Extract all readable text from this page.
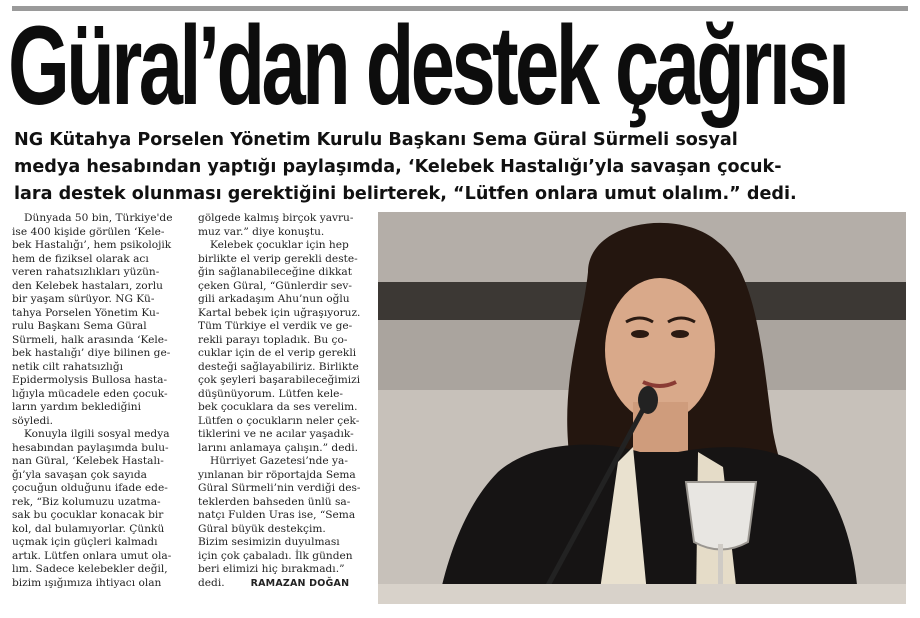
Güral’dan destek çağrısı

NG Kütahya Porselen Yönetim Kurulu Başkanı Sema Güral Sürmeli sosyal
medya hesabından yaptığı paylaşımda, ‘Kelebek Hastalığı’yla savaşan çocuk-
lara destek olunması gerektiğini belirterek, “Lütfen onlara umut olalım.” dedi.

Dünyada 50 bin, Türkiye'de
ise 400 kişide görülen ‘Kele-
bek Hastalığı’, hem psikolojik
hem de fiziksel olarak acı
veren rahatsızlıkları yüzün-
den Kelebek hastaları, zorlu
bir yaşam sürüyor. NG Kü-
tahya Porselen Yönetim Ku-
rulu Başkanı Sema Güral
Sürmeli, halk arasında ‘Kele-
bek hastalığı’ diye bilinen ge-
netik cilt rahatsızlığı
Epidermolysis Bullosa hasta-
lığıyla mücadele eden çocuk-
ların yardım beklediğini
söyledi.

Konuyla ilgili sosyal medya
hesabından paylaşımda bulu-
nan Güral, ‘Kelebek Hastalı-
ğı’yla savaşan çok sayıda
çocuğun olduğunu ifade ede-
rek, “Biz kolumuzu uzatma-
sak bu çocuklar konacak bir
kol, dal bulamıyorlar. Çünkü
uçmak için güçleri kalmadı
artık. Lütfen onlara umut ola-
lım. Sadece kelebekler değil,
bizim ışığımıza ihtiyacı olan

gölgede kalmış birçok yavru-
muz var.” diye konuştu.

Kelebek çocuklar için hep
birlikte el verip gerekli deste-
ğin sağlanabileceğine dikkat
çeken Güral, “Günlerdir sev-
gili arkadaşım Ahu’nun oğlu
Kartal bebek için uğraşıyoruz.
Tüm Türkiye el verdik ve ge-
rekli parayı topladık. Bu ço-
cuklar için de el verip gerekli
desteği sağlayabiliriz. Birlikte
çok şeyleri başarabileceğimizi
düşünüyorum. Lütfen kele-
bek çocuklara da ses verelim.
Lütfen o çocukların neler çek-
tiklerini ve ne acılar yaşadık-
larını anlamaya çalışın.” dedi.

Hürriyet Gazetesi’nde ya-
yınlanan bir röportajda Sema
Güral Sürmeli’nin verdiği des-
teklerden bahseden ünlü sa-
natçı Fulden Uras ise, “Sema
Güral büyük destekçim.
Bizim sesimizin duyulması
için çok çabaladı. İlk günden
beri elimizi hiç bırakmadı.”

dedi.	RAMAZAN DOĞAN
